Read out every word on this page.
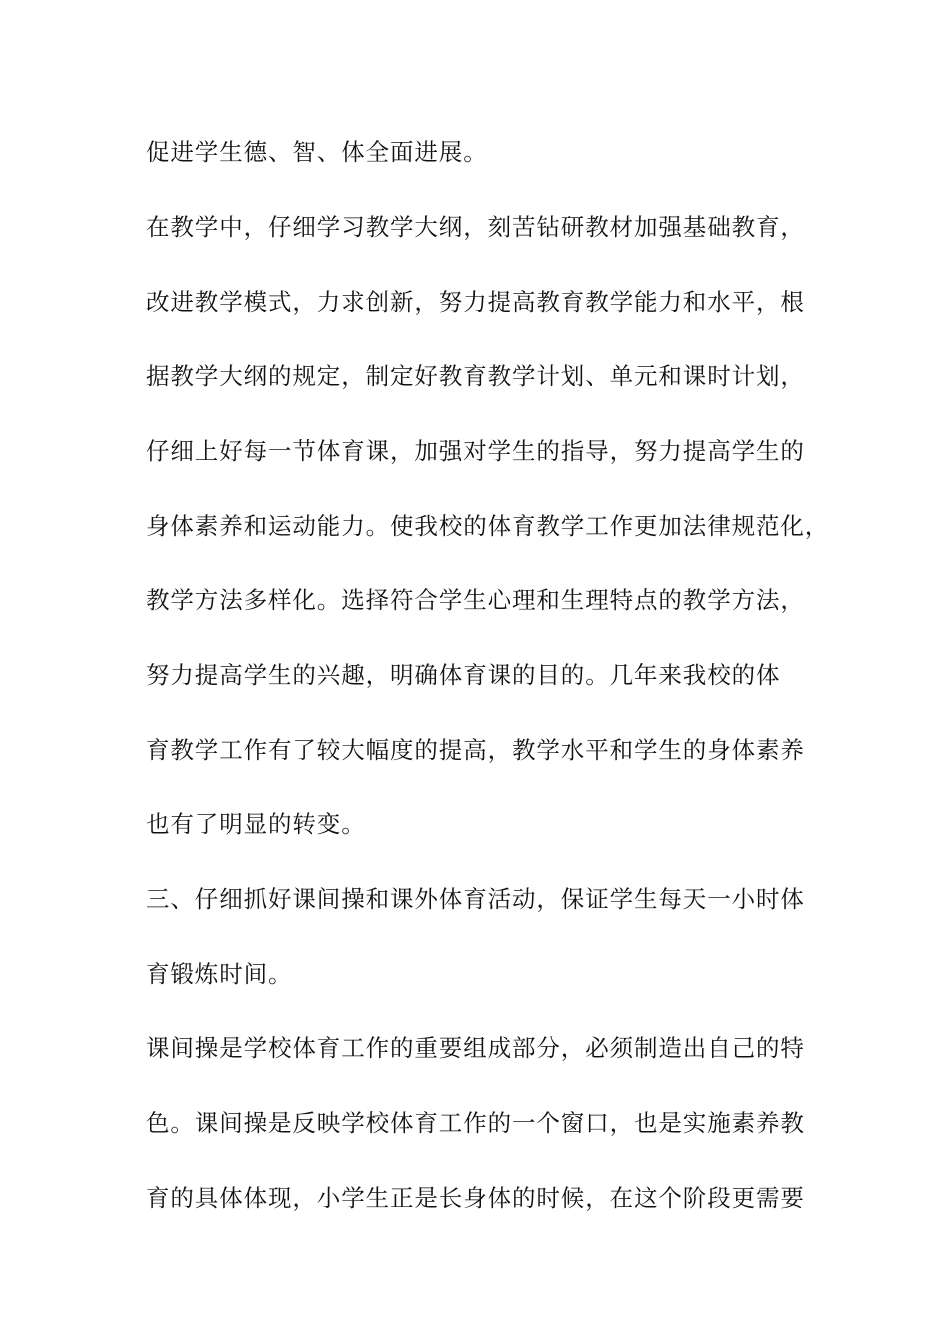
促进学生德、智、体全面进展。

在教学中，仔细学习教学大纲，刻苦钻研教材加强基础教育，

改进教学模式，力求创新，努力提高教育教学能力和水平，根

据教学大纲的规定，制定好教育教学计划、单元和课时计划，

仔细上好每一节体育课，加强对学生的指导，努力提高学生的

身体素养和运动能力。使我校的体育教学工作更加法律规范化，

教学方法多样化。选择符合学生心理和生理特点的教学方法，

努力提高学生的兴趣，明确体育课的目的。几年来我校的体

育教学工作有了较大幅度的提高，教学水平和学生的身体素养

也有了明显的转变。

三、仔细抓好课间操和课外体育活动，保证学生每天一小时体

育锻炼时间。

课间操是学校体育工作的重要组成部分，必须制造出自己的特

色。课间操是反映学校体育工作的一个窗口，也是实施素养教

育的具体体现，小学生正是长身体的时候，在这个阶段更需要
